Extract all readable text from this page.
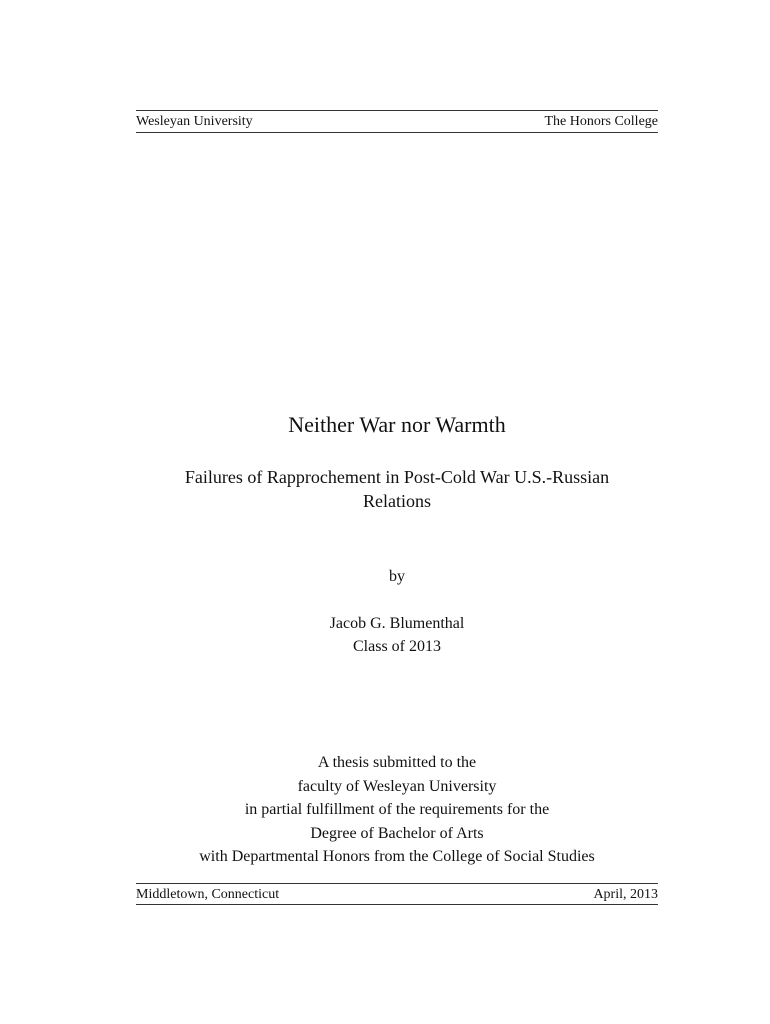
Wesleyan University	The Honors College
Neither War nor Warmth
Failures of Rapprochement in Post-Cold War U.S.-Russian
Relations
by
Jacob G. Blumenthal
Class of 2013
A thesis submitted to the
faculty of Wesleyan University
in partial fulfillment of the requirements for the
Degree of Bachelor of Arts
with Departmental Honors from the College of Social Studies
Middletown, Connecticut	April, 2013
